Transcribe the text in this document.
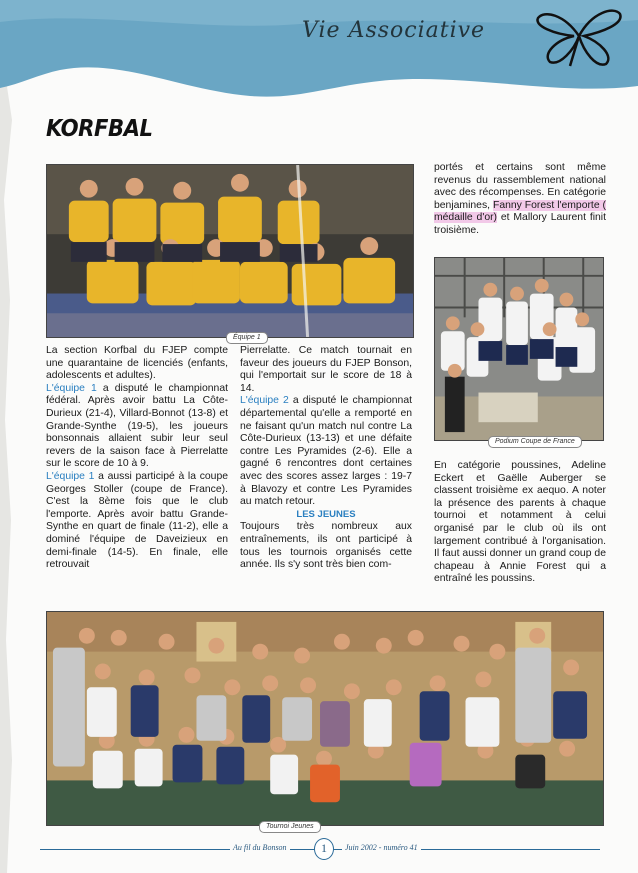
Vie Associative
KORFBAL
Équipe 1

La section Korfbal du FJEP compte une quarantaine de licenciés (enfants, adolescents et adultes).

L'équipe 1 a disputé le championnat fédéral. Après avoir battu La Côte-Durieux (21-4), Villard-Bonnot (13-8) et Grande-Synthe (19-5), les joueurs bonsonnais allaient subir leur seul revers de la saison face à Pierrelatte sur le score de 10 à 9.

L'équipe 1 a aussi participé à la coupe Georges Stoller (coupe de France). C'est la 8ème fois que le club l'emporte. Après avoir battu Grande-Synthe en quart de finale (11-2), elle a dominé l'équipe de Daveizieux en demi-finale (14-5). En finale, elle retrouvait

Pierrelatte. Ce match tournait en faveur des joueurs du FJEP Bonson, qui l'emportait sur le score de 18 à 14.

L'équipe 2 a disputé le championnat départemental qu'elle a remporté en ne faisant qu'un match nul contre La Côte-Durieux (13-13) et une défaite contre Les Pyramides (2-6). Elle a gagné 6 rencontres dont certaines avec des scores assez larges : 19-7 à Blavozy et contre Les Pyramides au match retour.

LES JEUNES

Toujours très nombreux aux entraînements, ils ont participé à tous les tournois organisés cette année. Ils s'y sont très bien com-

portés et certains sont même revenus du rassemblement national avec des récompenses. En catégorie benjamines, Fanny Forest l'emporte ( médaille d'or) et Mallory Laurent finit troisième.

Podium Coupe de France

En catégorie poussines, Adeline Eckert et Gaëlle Auberger se classent troisième ex aequo. A noter la présence des parents à chaque tournoi et notamment à celui organisé par le club où ils ont largement contribué à l'organisation. Il faut aussi donner un grand coup de chapeau à Annie Forest qui a entraîné les poussins.

Tournoi Jeunes
Au fil du Bonson	1	Juin 2002 - numéro 41
